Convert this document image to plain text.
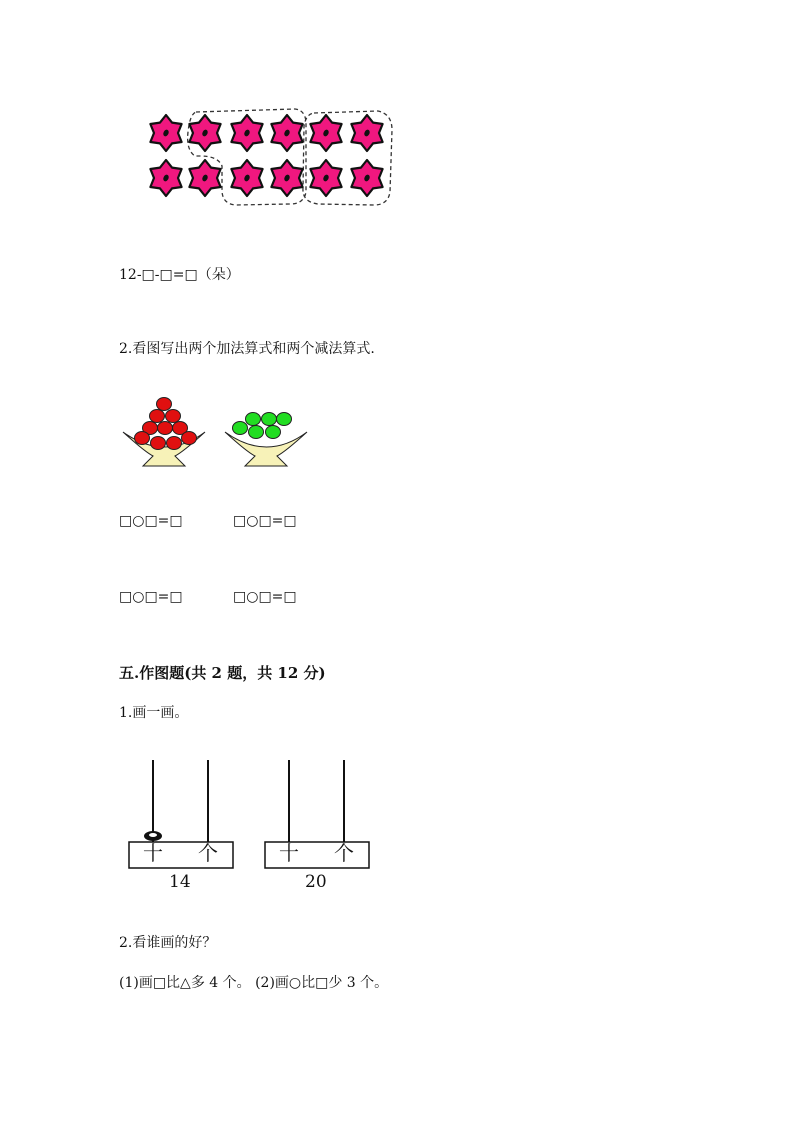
12-□-□=□（朵）
2.看图写出两个加法算式和两个减法算式.
□○□=□	□○□=□
□○□=□	□○□=□
五.作图题(共 2 题，共 12 分)
1.画一画。
十 个
14
十 个
20
2.看谁画的好？
(1)画□比△多 4 个。 (2)画○比□少 3 个。
